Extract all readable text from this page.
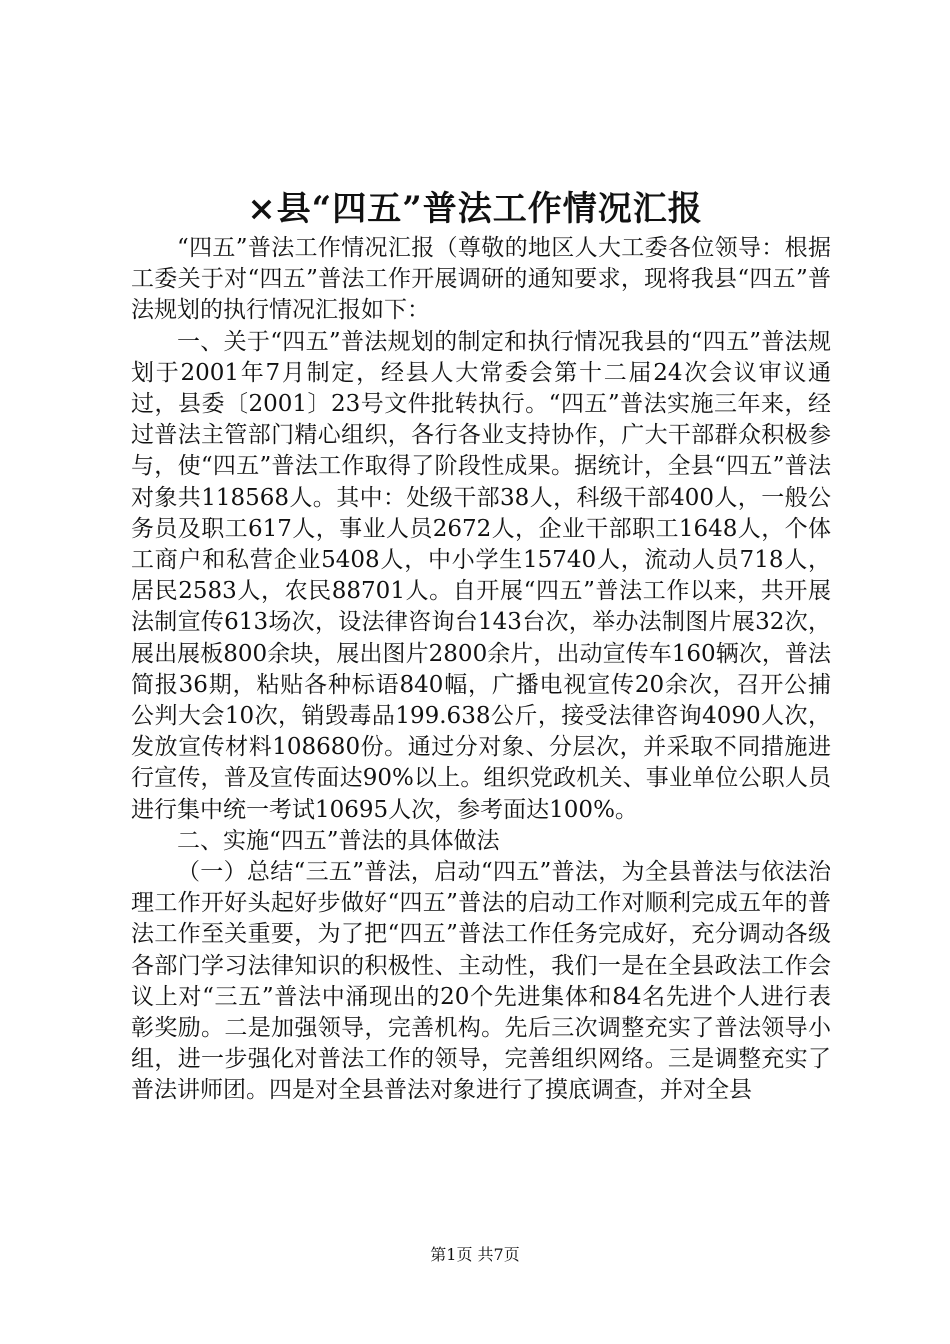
×县“四五”普法工作情况汇报

“四五”普法工作情况汇报（尊敬的地区人大工委各位领导：根据工委关于对“四五”普法工作开展调研的通知要求，现将我县“四五”普法规划的执行情况汇报如下：

一、关于“四五”普法规划的制定和执行情况我县的“四五”普法规划于2001年7月制定，经县人大常委会第十二届24次会议审议通过，县委〔2001〕23号文件批转执行。“四五”普法实施三年来，经过普法主管部门精心组织，各行各业支持协作，广大干部群众积极参与，使“四五”普法工作取得了阶段性成果。据统计，全县“四五”普法对象共118568人。其中：处级干部38人，科级干部400人，一般公务员及职工617人，事业人员2672人，企业干部职工1648人，个体工商户和私营企业5408人，中小学生15740人，流动人员718人，居民2583人，农民88701人。自开展“四五”普法工作以来，共开展法制宣传613场次，设法律咨询台143台次，举办法制图片展32次，展出展板800余块，展出图片2800余片，出动宣传车160辆次，普法简报36期，粘贴各种标语840幅，广播电视宣传20余次，召开公捕公判大会10次，销毁毒品199.638公斤，接受法律咨询4090人次，发放宣传材料108680份。通过分对象、分层次，并采取不同措施进行宣传，普及宣传面达90%以上。组织党政机关、事业单位公职人员进行集中统一考试10695人次，参考面达100%。

二、实施“四五”普法的具体做法

（一）总结“三五”普法，启动“四五”普法，为全县普法与依法治理工作开好头起好步做好“四五”普法的启动工作对顺利完成五年的普法工作至关重要，为了把“四五”普法工作任务完成好，充分调动各级各部门学习法律知识的积极性、主动性，我们一是在全县政法工作会议上对“三五”普法中涌现出的20个先进集体和84名先进个人进行表彰奖励。二是加强领导，完善机构。先后三次调整充实了普法领导小组，进一步强化对普法工作的领导，完善组织网络。三是调整充实了普法讲师团。四是对全县普法对象进行了摸底调查，并对全县

第1页 共7页
